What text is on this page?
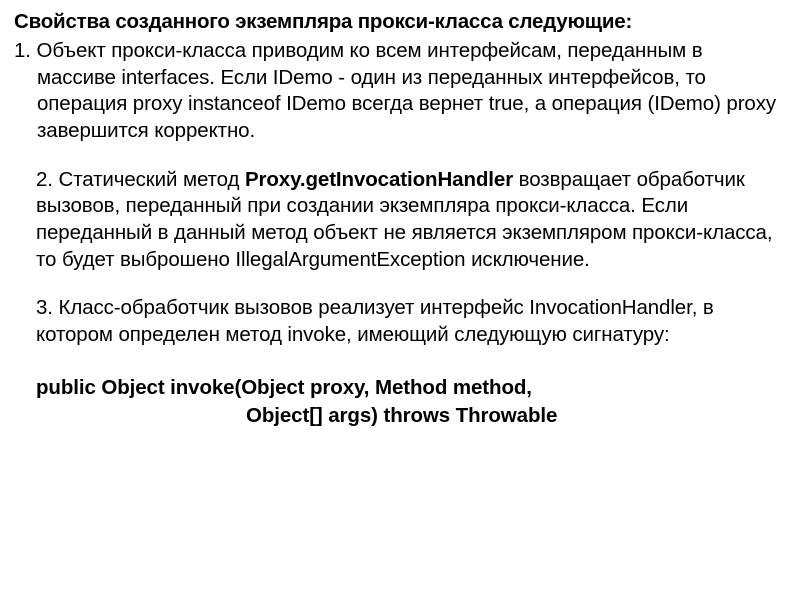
Свойства созданного экземпляра прокси-класса следующие:
1. Объект прокси-класса приводим ко всем интерфейсам, переданным в массиве interfaces. Если IDemo - один из переданных интерфейсов, то операция proxy instanceof IDemo всегда вернет true, а операция (IDemo) proxy завершится корректно.
2. Статический метод Proxy.getInvocationHandler возвращает обработчик вызовов, переданный при создании экземпляра прокси-класса. Если переданный в данный метод объект не является экземпляром прокси-класса, то будет выброшено IllegalArgumentException исключение.
3. Класс-обработчик вызовов реализует интерфейс InvocationHandler, в котором определен метод invoke, имеющий следующую сигнатуру:
public Object invoke(Object proxy, Method method,
Object[] args) throws Throwable
